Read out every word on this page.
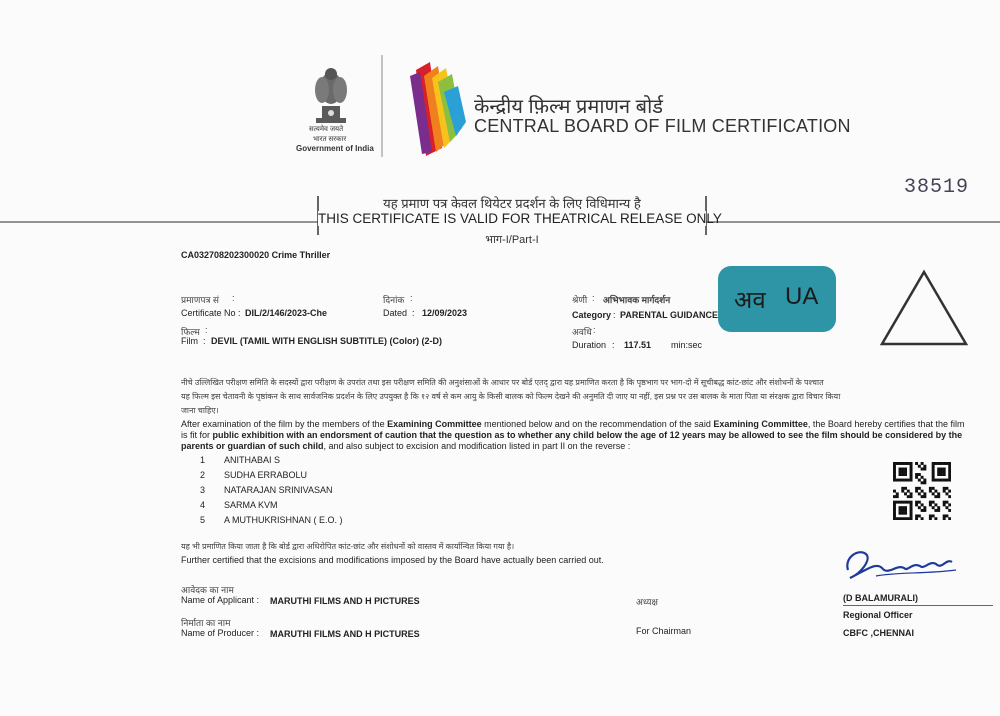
सत्यमेव जयते
भारत सरकार
Government of India
केन्द्रीय फ़िल्म प्रमाणन बोर्ड
CENTRAL BOARD OF FILM CERTIFICATION
38519
यह प्रमाण पत्र केवल थियेटर प्रदर्शन के लिए विधिमान्य है
THIS CERTIFICATE IS VALID FOR THEATRICAL RELEASE ONLY
भाग-I/Part-I
CA032708202300020 Crime Thriller
प्रमाणपत्र सं :
Certificate No : DIL/2/146/2023-Che
दिनांक :
Dated : 12/09/2023
श्रेणी : अभिभावक मार्गदर्शन
Category : PARENTAL GUIDANCE
फिल्म :
Film : DEVIL (TAMIL WITH ENGLISH SUBTITLE) (Color) (2-D)
अवधि :
Duration : 117.51 min:sec
अव UA
नीचे उल्लिखित परीक्षण समिति के सदस्यों द्वारा परीक्षण के उपरांत तथा इस परीक्षण समिति की अनुशंसाओं के आधार पर बोर्ड एतद् द्वारा यह प्रमाणित करता है कि पृष्ठभाग पर भाग-दो में सूचीबद्ध कांट-छांट और संशोधनों के पश्चात
यह फिल्म इस चेतावनी के पृष्ठांकन के साथ सार्वजनिक प्रदर्शन के लिए उपयुक्त है कि १२ वर्ष से कम आयु के किसी बालक को फिल्म देखने की अनुमति दी जाए या नहीं, इस प्रश्न पर उस बालक के माता पिता या संरक्षक द्वारा विचार किया
जाना चाहिए।
After examination of the film by the members of the Examining Committee mentioned below and on the recommendation of the said Examining Committee, the Board hereby certifies that the film is fit for public exhibition with an endorsment of caution that the question as to whether any child below the age of 12 years may be allowed to see the film should be considered by the parents or guardian of such child, and also subject to excision and modification listed in part II on the reverse :
1 ANITHABAI S
2 SUDHA ERRABOLU
3 NATARAJAN SRINIVASAN
4 SARMA KVM
5 A MUTHUKRISHNAN ( E.O. )
यह भी प्रमाणित किया जाता है कि बोर्ड द्वारा अधिरोपित कांट-छांट और संशोधनों को वास्तव में कार्यान्वित किया गया है।
Further certified that the excisions and modifications imposed by the Board have actually been carried out.
आवेदक का नाम
Name of Applicant : MARUTHI FILMS AND H PICTURES
निर्माता का नाम
Name of Producer : MARUTHI FILMS AND H PICTURES
अध्यक्ष
For Chairman
(D BALAMURALI)
Regional Officer
CBFC ,CHENNAI
